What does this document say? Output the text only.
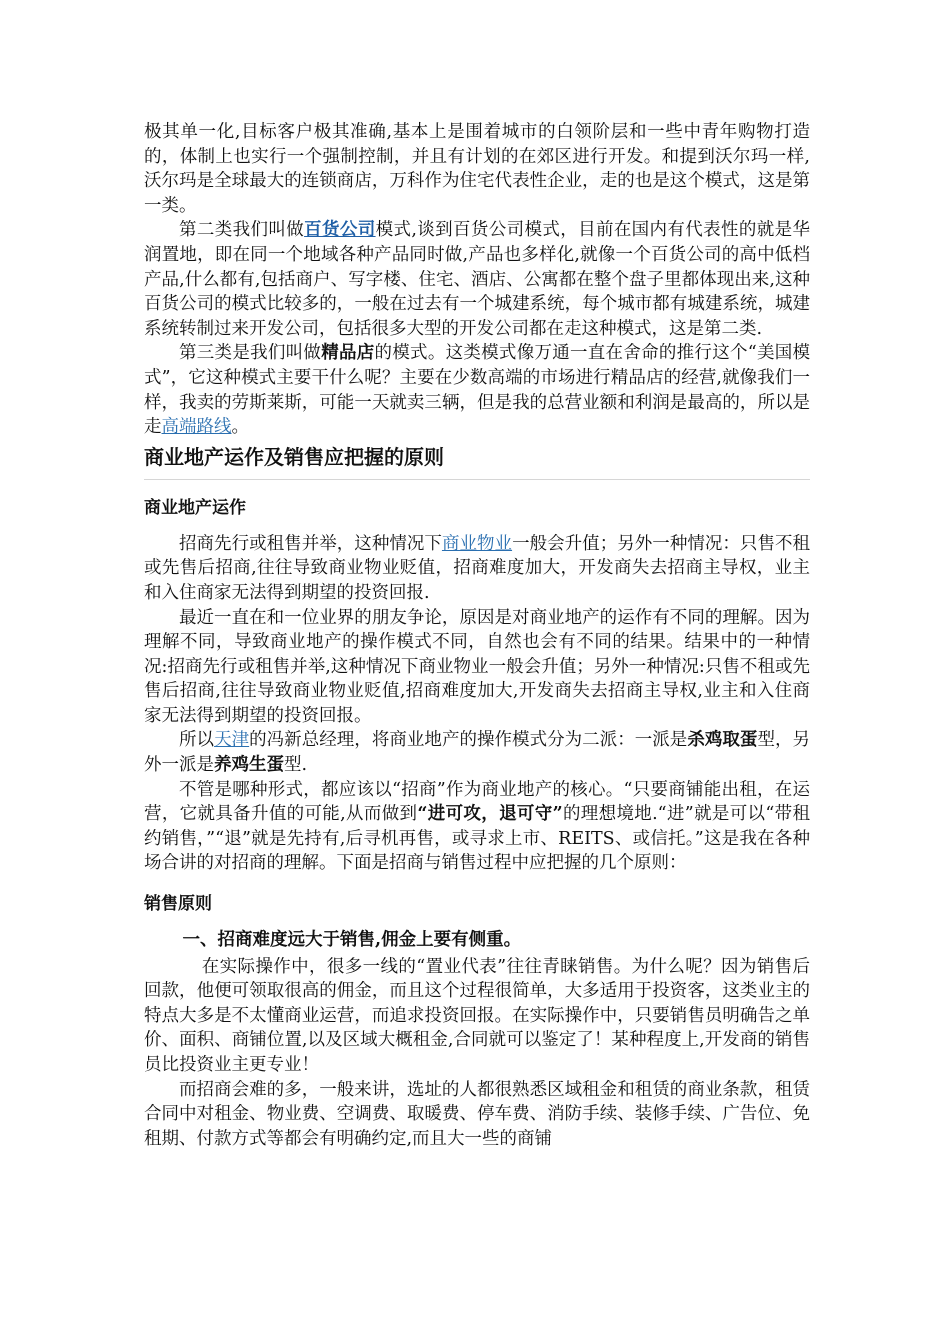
极其单一化,目标客户极其准确,基本上是围着城市的白领阶层和一些中青年购物打造的，体制上也实行一个强制控制，并且有计划的在郊区进行开发。和提到沃尔玛一样,沃尔玛是全球最大的连锁商店，万科作为住宅代表性企业，走的也是这个模式，这是第一类。

第二类我们叫做百货公司模式,谈到百货公司模式，目前在国内有代表性的就是华润置地，即在同一个地域各种产品同时做,产品也多样化,就像一个百货公司的高中低档产品,什么都有,包括商户、写字楼、住宅、酒店、公寓都在整个盘子里都体现出来,这种百货公司的模式比较多的，一般在过去有一个城建系统，每个城市都有城建系统，城建系统转制过来开发公司，包括很多大型的开发公司都在走这种模式，这是第二类.

第三类是我们叫做精品店的模式。这类模式像万通一直在舍命的推行这个“美国模式”，它这种模式主要干什么呢？主要在少数高端的市场进行精品店的经营,就像我们一样，我卖的劳斯莱斯，可能一天就卖三辆，但是我的总营业额和利润是最高的，所以是走高端路线。

商业地产运作及销售应把握的原则
商业地产运作

招商先行或租售并举，这种情况下商业物业一般会升值；另外一种情况：只售不租或先售后招商,往往导致商业物业贬值，招商难度加大，开发商失去招商主导权，业主和入住商家无法得到期望的投资回报.

最近一直在和一位业界的朋友争论，原因是对商业地产的运作有不同的理解。因为理解不同，导致商业地产的操作模式不同，自然也会有不同的结果。结果中的一种情况:招商先行或租售并举,这种情况下商业物业一般会升值；另外一种情况:只售不租或先售后招商,往往导致商业物业贬值,招商难度加大,开发商失去招商主导权,业主和入住商家无法得到期望的投资回报。

所以天津的冯新总经理，将商业地产的操作模式分为二派：一派是杀鸡取蛋型，另外一派是养鸡生蛋型.

不管是哪种形式，都应该以“招商”作为商业地产的核心。“只要商铺能出租，在运营，它就具备升值的可能,从而做到“进可攻，退可守”的理想境地.“进”就是可以“带租约销售，”“退”就是先持有,后寻机再售，或寻求上市、REITS、或信托。”这是我在各种场合讲的对招商的理解。下面是招商与销售过程中应把握的几个原则：

销售原则

一、招商难度远大于销售,佣金上要有侧重。

在实际操作中，很多一线的“置业代表”往往青睐销售。为什么呢？因为销售后回款，他便可领取很高的佣金，而且这个过程很简单，大多适用于投资客，这类业主的特点大多是不太懂商业运营，而追求投资回报。在实际操作中，只要销售员明确告之单价、面积、商铺位置,以及区域大概租金,合同就可以鉴定了！某种程度上,开发商的销售员比投资业主更专业！

而招商会难的多，一般来讲，选址的人都很熟悉区域租金和租赁的商业条款，租赁合同中对租金、物业费、空调费、取暖费、停车费、消防手续、装修手续、广告位、免租期、付款方式等都会有明确约定,而且大一些的商铺
